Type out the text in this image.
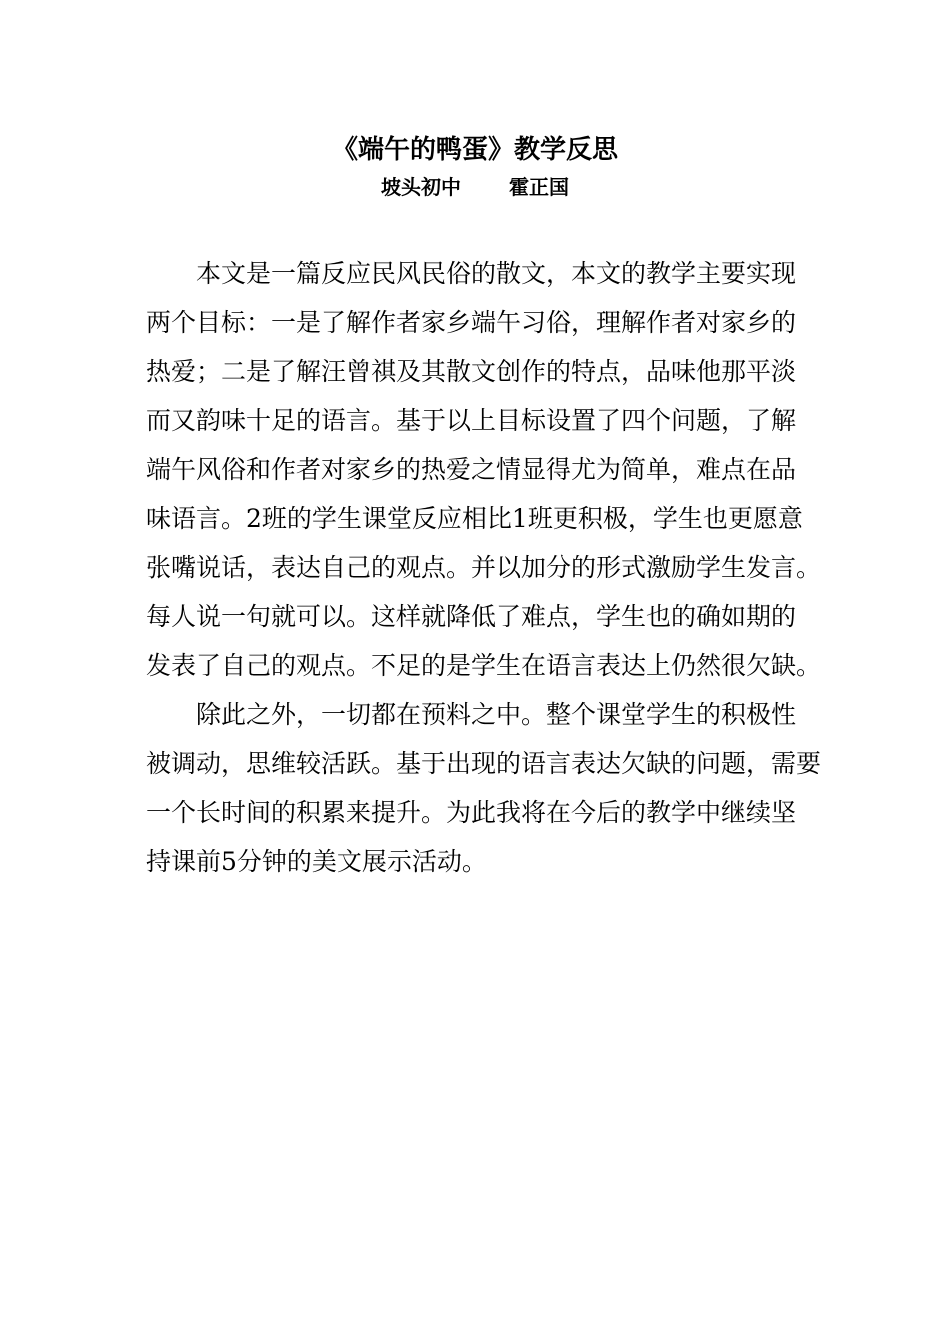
《端午的鸭蛋》教学反思
坡头初中 霍正国
本文是一篇反应民风民俗的散文，本文的教学主要实现
两个目标：一是了解作者家乡端午习俗，理解作者对家乡的
热爱；二是了解汪曾祺及其散文创作的特点，品味他那平淡
而又韵味十足的语言。基于以上目标设置了四个问题，了解
端午风俗和作者对家乡的热爱之情显得尤为简单，难点在品
味语言。2班的学生课堂反应相比1班更积极，学生也更愿意
张嘴说话，表达自己的观点。并以加分的形式激励学生发言。
每人说一句就可以。这样就降低了难点，学生也的确如期的
发表了自己的观点。不足的是学生在语言表达上仍然很欠缺。
除此之外，一切都在预料之中。整个课堂学生的积极性
被调动，思维较活跃。基于出现的语言表达欠缺的问题，需要
一个长时间的积累来提升。为此我将在今后的教学中继续坚
持课前5分钟的美文展示活动。
